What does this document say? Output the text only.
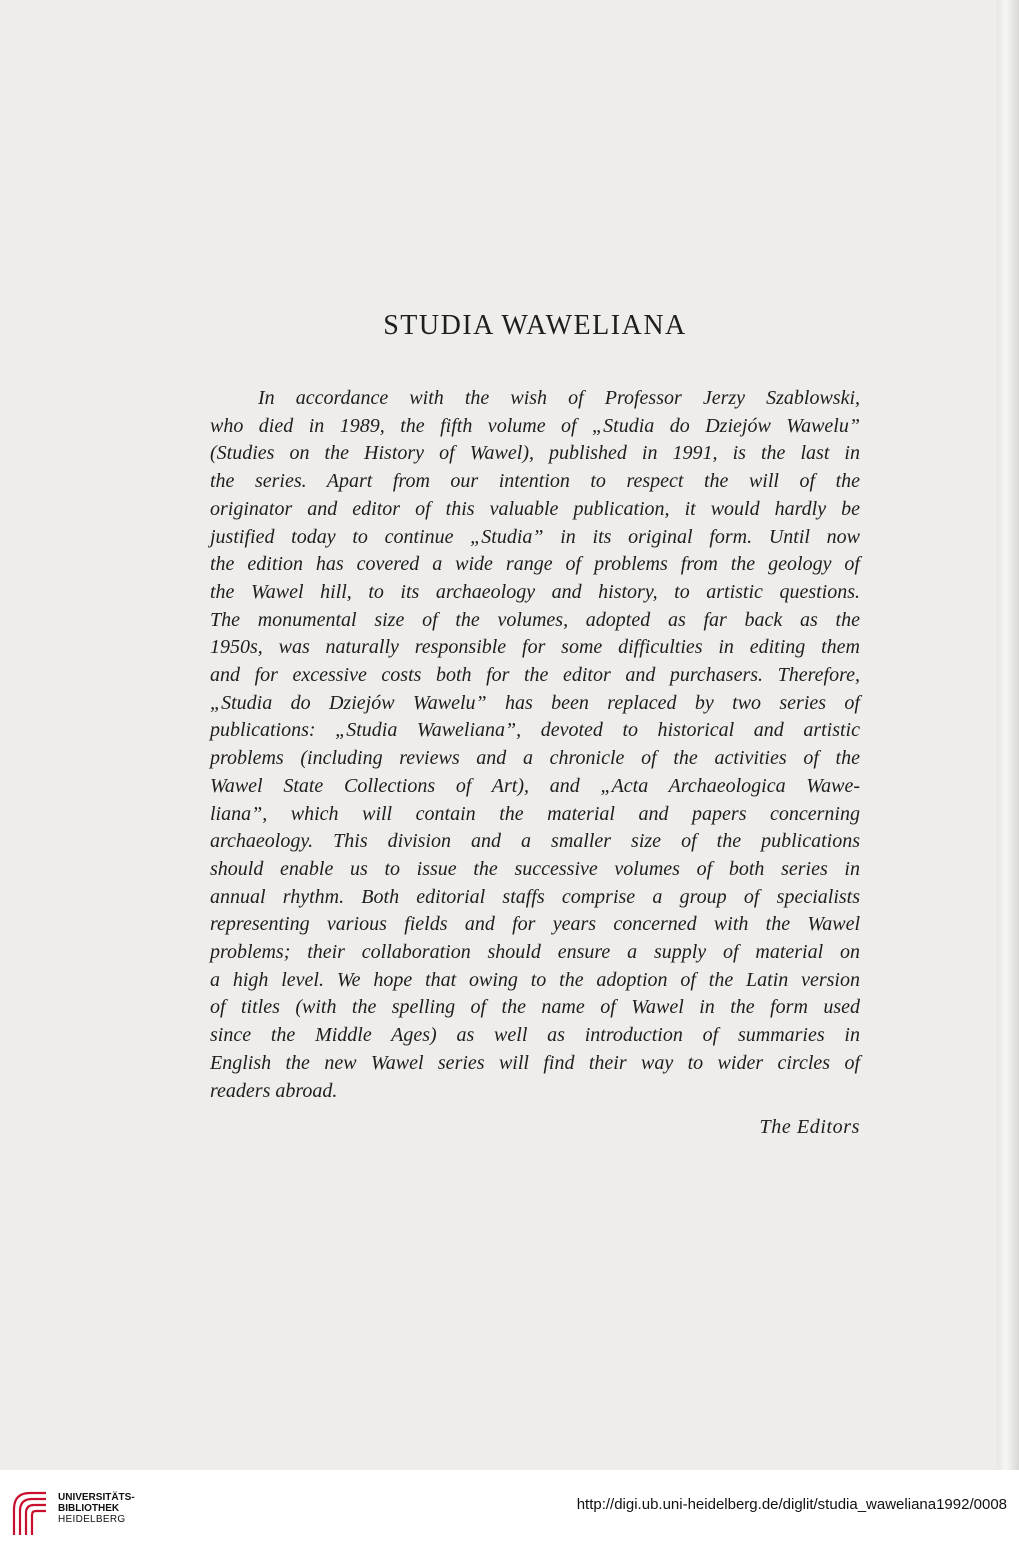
STUDIA WAWELIANA
In accordance with the wish of Professor Jerzy Szablowski,
who died in 1989, the fifth volume of „Studia do Dziejów Wawelu”
(Studies on the History of Wawel), published in 1991, is the last in
the series. Apart from our intention to respect the will of the
originator and editor of this valuable publication, it would hardly be
justified today to continue „Studia” in its original form. Until now
the edition has covered a wide range of problems from the geology of
the Wawel hill, to its archaeology and history, to artistic questions.
The monumental size of the volumes, adopted as far back as the
1950s, was naturally responsible for some difficulties in editing them
and for excessive costs both for the editor and purchasers. Therefore,
„Studia do Dziejów Wawelu” has been replaced by two series of
publications: „Studia Waweliana”, devoted to historical and artistic
problems (including reviews and a chronicle of the activities of the
Wawel State Collections of Art), and „Acta Archaeologica Wawe-
liana”, which will contain the material and papers concerning
archaeology. This division and a smaller size of the publications
should enable us to issue the successive volumes of both series in
annual rhythm. Both editorial staffs comprise a group of specialists
representing various fields and for years concerned with the Wawel
problems; their collaboration should ensure a supply of material on
a high level. We hope that owing to the adoption of the Latin version
of titles (with the spelling of the name of Wawel in the form used
since the Middle Ages) as well as introduction of summaries in
English the new Wawel series will find their way to wider circles of
readers abroad.

The Editors

UNIVERSITÄTS-
BIBLIOTHEK
HEIDELBERG
http://digi.ub.uni-heidelberg.de/diglit/studia_waweliana1992/0008
